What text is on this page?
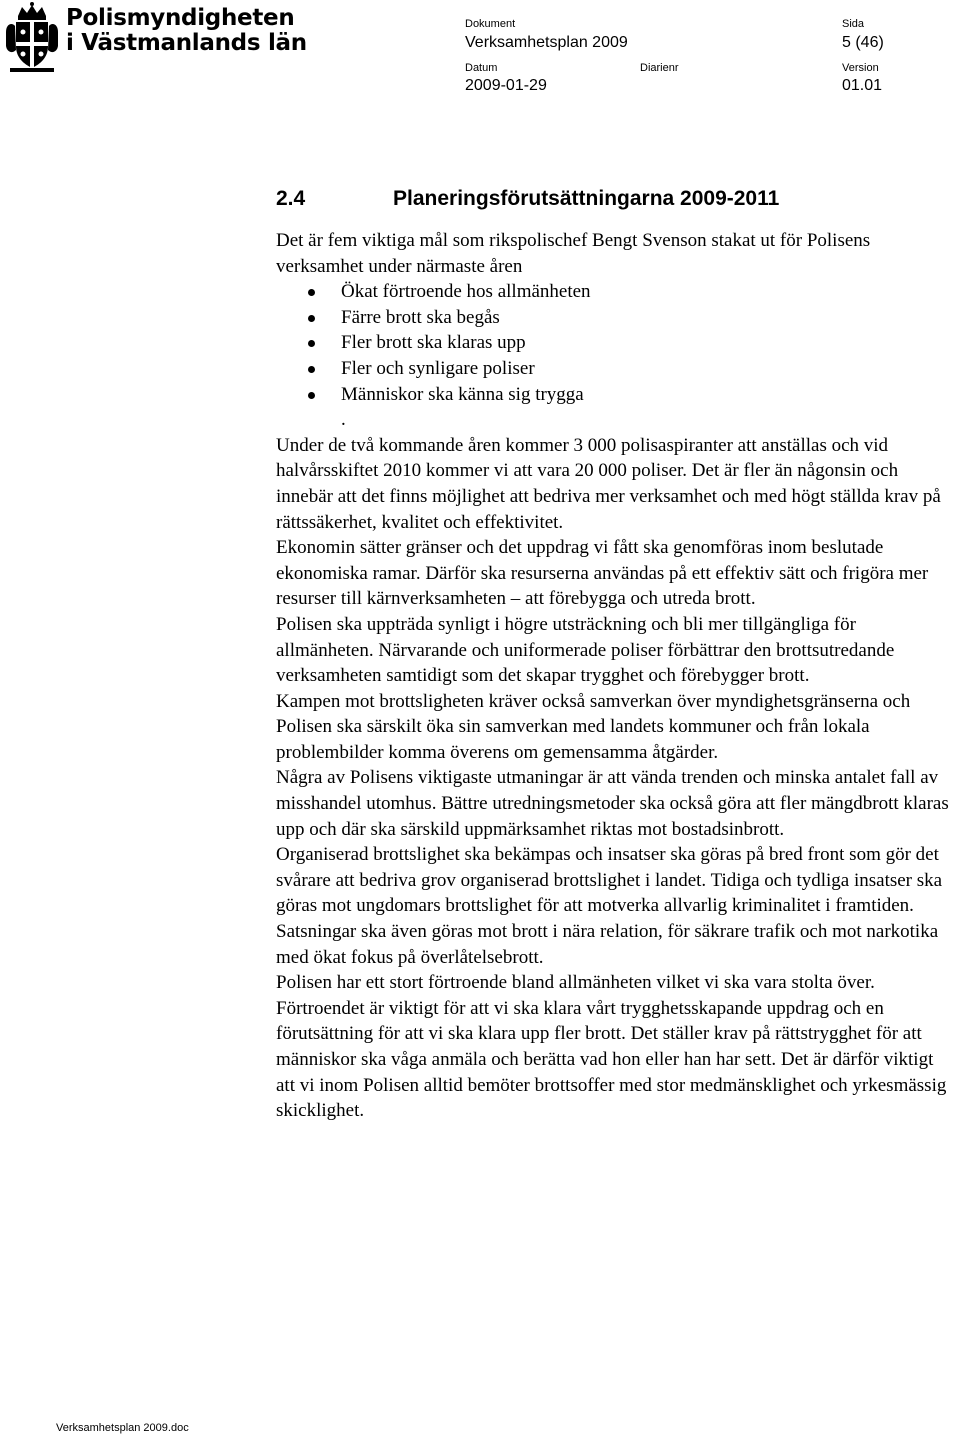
Polismyndigheten
i Västmanlands län
Dokument
Verksamhetsplan 2009
Sida
5 (46)
Datum
2009-01-29
Diarienr	Version
01.01
2.4	Planeringsförutsättningarna 2009-2011

Det är fem viktiga mål som rikspolischef Bengt Svenson stakat ut för Polisens verksamhet under närmaste åren

Ökat förtroende hos allmänheten
Färre brott ska begås
Fler brott ska klaras upp
Fler och synligare poliser
Människor ska känna sig trygga

.

Under de två kommande åren kommer 3 000 polisaspiranter att anställas och vid halvårsskiftet 2010 kommer vi att vara 20 000 poliser. Det är fler än någonsin och innebär att det finns möjlighet att bedriva mer verksamhet och med högt ställda krav på rättssäkerhet, kvalitet och effektivitet.

Ekonomin sätter gränser och det uppdrag vi fått ska genomföras inom beslutade ekonomiska ramar. Därför ska resurserna användas på ett effektiv sätt och frigöra mer resurser till kärnverksamheten – att förebygga och utreda brott.

Polisen ska uppträda synligt i högre utsträckning och bli mer tillgängliga för allmänheten. Närvarande och uniformerade poliser förbättrar den brottsutredande verksamheten samtidigt som det skapar trygghet och förebygger brott.

Kampen mot brottsligheten kräver också samverkan över myndighetsgränserna och Polisen ska särskilt öka sin samverkan med landets kommuner och från lokala problembilder komma överens om gemensamma åtgärder.

Några av Polisens viktigaste utmaningar är att vända trenden och minska antalet fall av misshandel utomhus. Bättre utredningsmetoder ska också göra att fler mängdbrott klaras upp och där ska särskild uppmärksamhet riktas mot bostadsinbrott.

Organiserad brottslighet ska bekämpas och insatser ska göras på bred front som gör det svårare att bedriva grov organiserad brottslighet i landet. Tidiga och tydliga insatser ska göras mot ungdomars brottslighet för att motverka allvarlig kriminalitet i framtiden. Satsningar ska även göras mot brott i nära relation, för säkrare trafik och mot narkotika med ökat fokus på överlåtelsebrott.

Polisen har ett stort förtroende bland allmänheten vilket vi ska vara stolta över. Förtroendet är viktigt för att vi ska klara vårt trygghetsskapande uppdrag och en förutsättning för att vi ska klara upp fler brott. Det ställer krav på rättstrygghet för att människor ska våga anmäla och berätta vad hon eller han har sett. Det är därför viktigt att vi inom Polisen alltid bemöter brottsoffer med stor medmänsklighet och yrkesmässig skicklighet.

Verksamhetsplan 2009.doc
